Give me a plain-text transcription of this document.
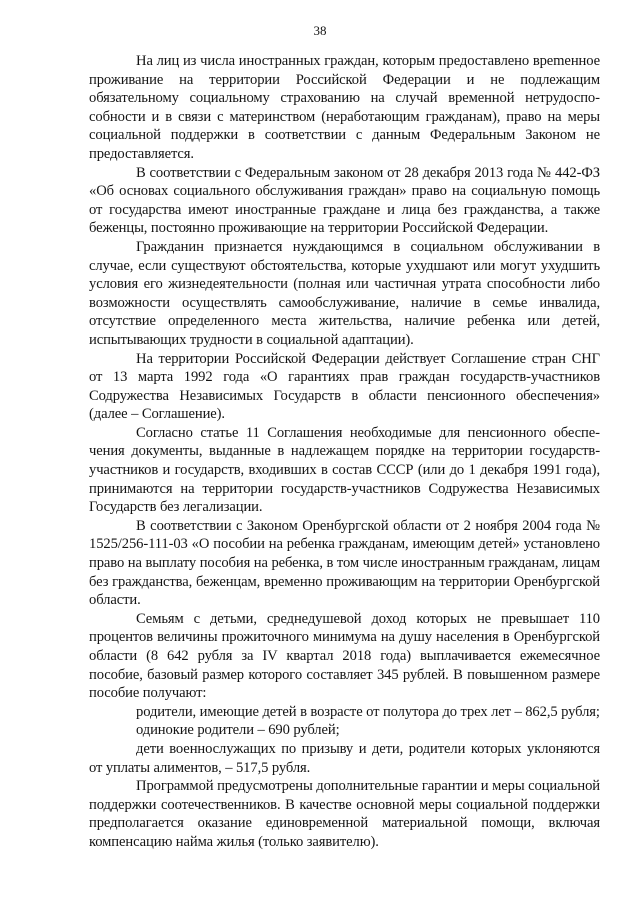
38

На лиц из числа иностранных граждан, которым предоставлено вреmенное проживание на территории Российской Федерации и не подлежащим обязательному социальному страхованию на случай временной нетрудоспособности и в связи с материнством (неработающим гражданам), право на меры социальной поддержки в соответствии с данным Федеральным Законом не предоставляется.

В соответствии с Федеральным законом от 28 декабря 2013 года № 442-ФЗ «Об основах социального обслуживания граждан» право на социальную помощь от государства имеют иностранные граждане и лица без гражданства, а также беженцы, постоянно проживающие на территории Российской Федерации.

Гражданин признается нуждающимся в социальном обслуживании в случае, если существуют обстоятельства, которые ухудшают или могут ухудшить условия его жизнедеятельности (полная или частичная утрата способности либо возможности осуществлять самообслуживание, наличие в семье инвалида, отсутствие определенного места жительства, наличие ребенка или детей, испытывающих трудности в социальной адаптации).

На территории Российской Федерации действует Соглашение стран СНГ от 13 марта 1992 года «О гарантиях прав граждан государств-участников Содружества Независимых Государств в области пенсионного обеспечения» (далее – Соглашение).

Согласно статье 11 Соглашения необходимые для пенсионного обеспечения документы, выданные в надлежащем порядке на территории государств-участников и государств, входивших в состав СССР (или до 1 декабря 1991 года), принимаются на территории государств-участников Содружества Независимых Государств без легализации.

В соответствии с Законом Оренбургской области от 2 ноября 2004 года № 1525/256-111-03 «О пособии на ребенка гражданам, имеющим детей» установлено право на выплату пособия на ребенка, в том числе иностранным гражданам, лицам без гражданства, беженцам, временно проживающим на территории Оренбургской области.

Семьям с детьми, среднедушевой доход которых не превышает 110 процентов величины прожиточного минимума на душу населения в Оренбургской области (8 642 рубля за IV квартал 2018 года) выплачивается ежемесячное пособие, базовый размер которого составляет 345 рублей. В повышенном размере пособие получают:

родители, имеющие детей в возрасте от полутора до трех лет – 862,5 рубля;

одинокие родители – 690 рублей;

дети военнослужащих по призыву и дети, родители которых уклоняются от уплаты алиментов, – 517,5 рубля.

Программой предусмотрены дополнительные гарантии и меры социальной поддержки соотечественников. В качестве основной меры социальной поддержки предполагается оказание единовременной материальной помощи, включая компенсацию найма жилья (только заявителю).
